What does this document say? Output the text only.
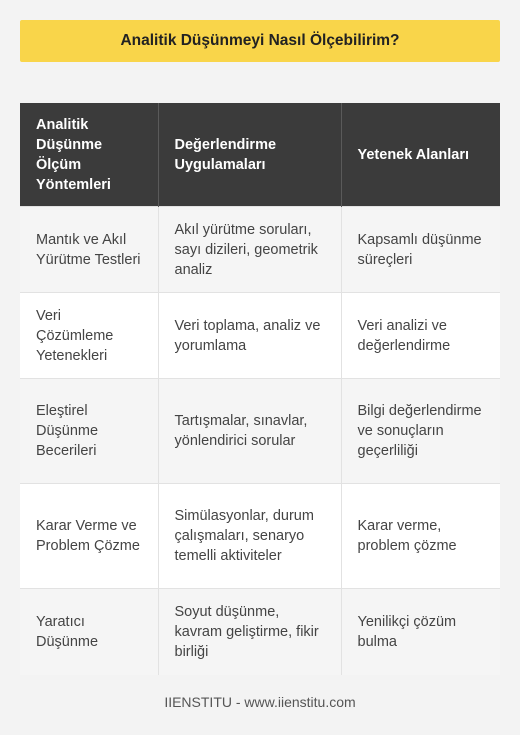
Analitik Düşünmeyi Nasıl Ölçebilirim?
Analitik Düşünme Ölçüm Yöntemleri	Değerlendirme Uygulamaları	Yetenek Alanları
Mantık ve Akıl Yürütme Testleri	Akıl yürütme soruları, sayı dizileri, geometrik analiz	Kapsamlı düşünme süreçleri
Veri Çözümleme Yetenekleri	Veri toplama, analiz ve yorumlama	Veri analizi ve değerlendirme
Eleştirel Düşünme Becerileri	Tartışmalar, sınavlar, yönlendirici sorular	Bilgi değerlendirme ve sonuçların geçerliliği
Karar Verme ve Problem Çözme	Simülasyonlar, durum çalışmaları, senaryo temelli aktiviteler	Karar verme, problem çözme
Yaratıcı Düşünme	Soyut düşünme, kavram geliştirme, fikir birliği	Yenilikçi çözüm bulma
IIENSTITU - www.iienstitu.com
